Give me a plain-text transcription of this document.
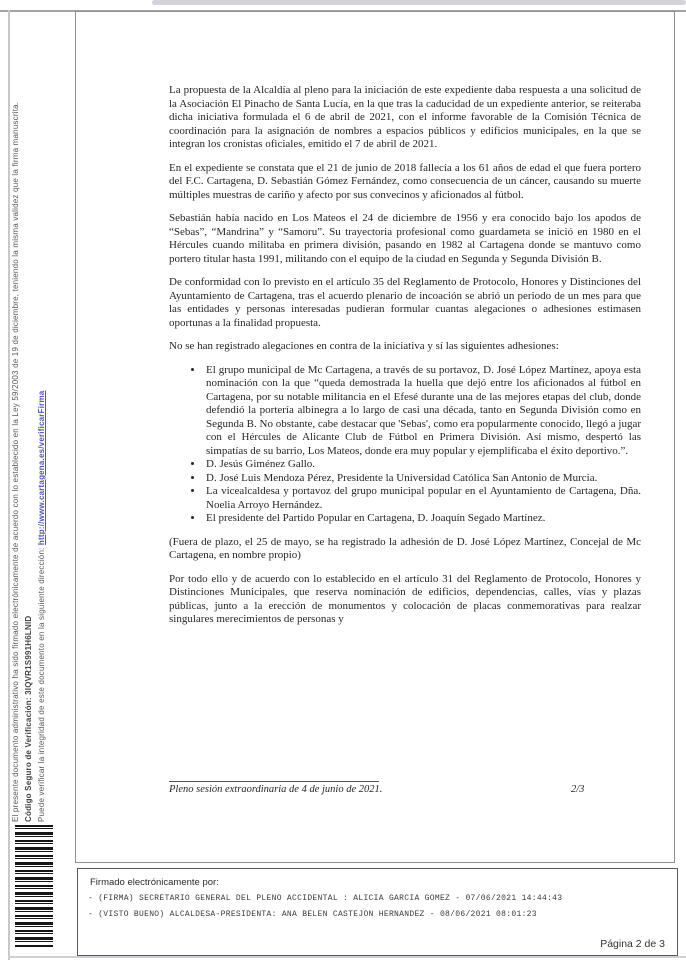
El presente documento administrativo ha sido firmado electrónicamente de acuerdo con lo establecido en la Ley 59/2003 de 19 de diciembre, teniendo la misma validez que la firma manuscrita. Código Seguro de Verificación: 3IQVR1S991H6LNID Puede verificar la integridad de este documento en la siguiente dirección: http://www.cartagena.es/verificarFirma

La propuesta de la Alcaldía al pleno para la iniciación de este expediente daba respuesta a una solicitud de la Asociación El Pinacho de Santa Lucía, en la que tras la caducidad de un expediente anterior, se reiteraba dicha iniciativa formulada el 6 de abril de 2021, con el informe favorable de la Comisión Técnica de coordinación para la asignación de nombres a espacios públicos y edificios municipales, en la que se integran los cronistas oficiales, emitido el 7 de abril de 2021.

En el expediente se constata que el 21 de junio de 2018 fallecía a los 61 años de edad el que fuera portero del F.C. Cartagena, D. Sebastián Gómez Fernández, como consecuencia de un cáncer, causando su muerte múltiples muestras de cariño y afecto por sus convecinos y aficionados al fútbol.

Sebastián había nacido en Los Mateos el 24 de diciembre de 1956 y era conocido bajo los apodos de “Sebas”, “Mandrina” y “Samoru”. Su trayectoria profesional como guardameta se inició en 1980 en el Hércules cuando militaba en primera división, pasando en 1982 al Cartagena donde se mantuvo como portero titular hasta 1991, militando con el equipo de la ciudad en Segunda y Segunda División B.

De conformidad con lo previsto en el artículo 35 del Reglamento de Protocolo, Honores y Distinciones del Ayuntamiento de Cartagena, tras el acuerdo plenario de incoación se abrió un periodo de un mes para que las entidades y personas interesadas pudieran formular cuantas alegaciones o adhesiones estimasen oportunas a la finalidad propuesta.

No se han registrado alegaciones en contra de la iniciativa y sí las siguientes adhesiones:

• El grupo municipal de Mc Cartagena, a través de su portavoz, D. José López Martínez, apoya esta nominación con la que “queda demostrada la huella que dejó entre los aficionados al fútbol en Cartagena, por su notable militancia en el Efesé durante una de las mejores etapas del club, donde defendió la portería albinegra a lo largo de casi una década, tanto en Segunda División como en Segunda B. No obstante, cabe destacar que 'Sebas', como era popularmente conocido, llegó a jugar con el Hércules de Alicante Club de Fútbol en Primera División. Así mismo, despertó las simpatías de su barrio, Los Mateos, donde era muy popular y ejemplificaba el éxito deportivo.”.
• D. Jesús Giménez Gallo.
• D. José Luis Mendoza Pérez, Presidente la Universidad Católica San Antonio de Murcia.
• La vicealcaldesa y portavoz del grupo municipal popular en el Ayuntamiento de Cartagena, Dña. Noelia Arroyo Hernández.
• El presidente del Partido Popular en Cartagena, D. Joaquín Segado Martínez.

(Fuera de plazo, el 25 de mayo, se ha registrado la adhesión de D. José López Martínez, Concejal de Mc Cartagena, en nombre propio)

Por todo ello y de acuerdo con lo establecido en el artículo 31 del Reglamento de Protocolo, Honores y Distinciones Municipales, que reserva nominación de edificios, dependencias, calles, vías y plazas públicas, junto a la erección de monumentos y colocación de placas conmemorativas para realzar singulares merecimientos de personas y

Pleno sesión extraordinaria de 4 de junio de 2021.	2/3
Firmado electrónicamente por:
- (FIRMA) SECRETARIO GENERAL DEL PLENO ACCIDENTAL : ALICIA GARCIA GOMEZ - 07/06/2021 14:44:43
- (VISTO BUENO) ALCALDESA-PRESIDENTA: ANA BELEN CASTEJON HERNANDEZ - 08/06/2021 08:01:23
Página 2 de 3
